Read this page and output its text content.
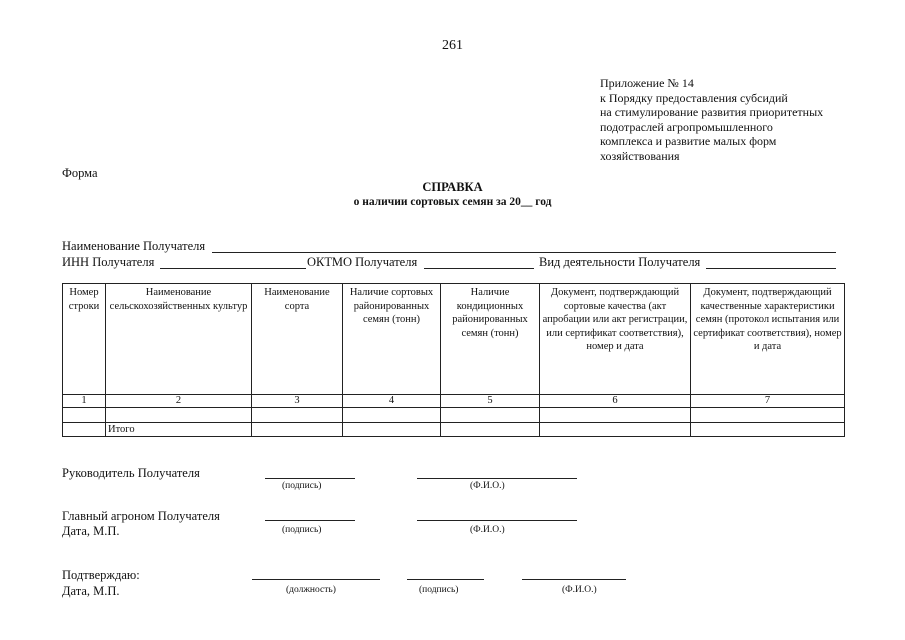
261
Приложение № 14
к Порядку предоставления субсидий
на стимулирование развития приоритетных
подотраслей агропромышленного
комплекса и развитие малых форм
хозяйствования
Форма
СПРАВКА
о наличии сортовых семян за 20__ год
Наименование Получателя
ИНН Получателя	ОКТМО Получателя	Вид деятельности Получателя
Номер строки	Наименование сельскохозяйственных культур	Наименование сорта	Наличие сортовых районированных семян (тонн)	Наличие кондиционных районированных семян (тонн)	Документ, подтверждающий сортовые качества (акт апробации или акт регистрации, или сертификат соответствия), номер и дата	Документ, подтверждающий качественные характеристики семян (протокол испытания или сертификат соответствия), номер и дата
1	2	3	4	5	6	7

	Итого					
Руководитель Получателя
(подпись)	(Ф.И.О.)
Главный агроном Получателя
Дата, М.П.	(подпись)	(Ф.И.О.)
Подтверждаю:
Дата, М.П.	(должность)	(подпись)	(Ф.И.О.)
